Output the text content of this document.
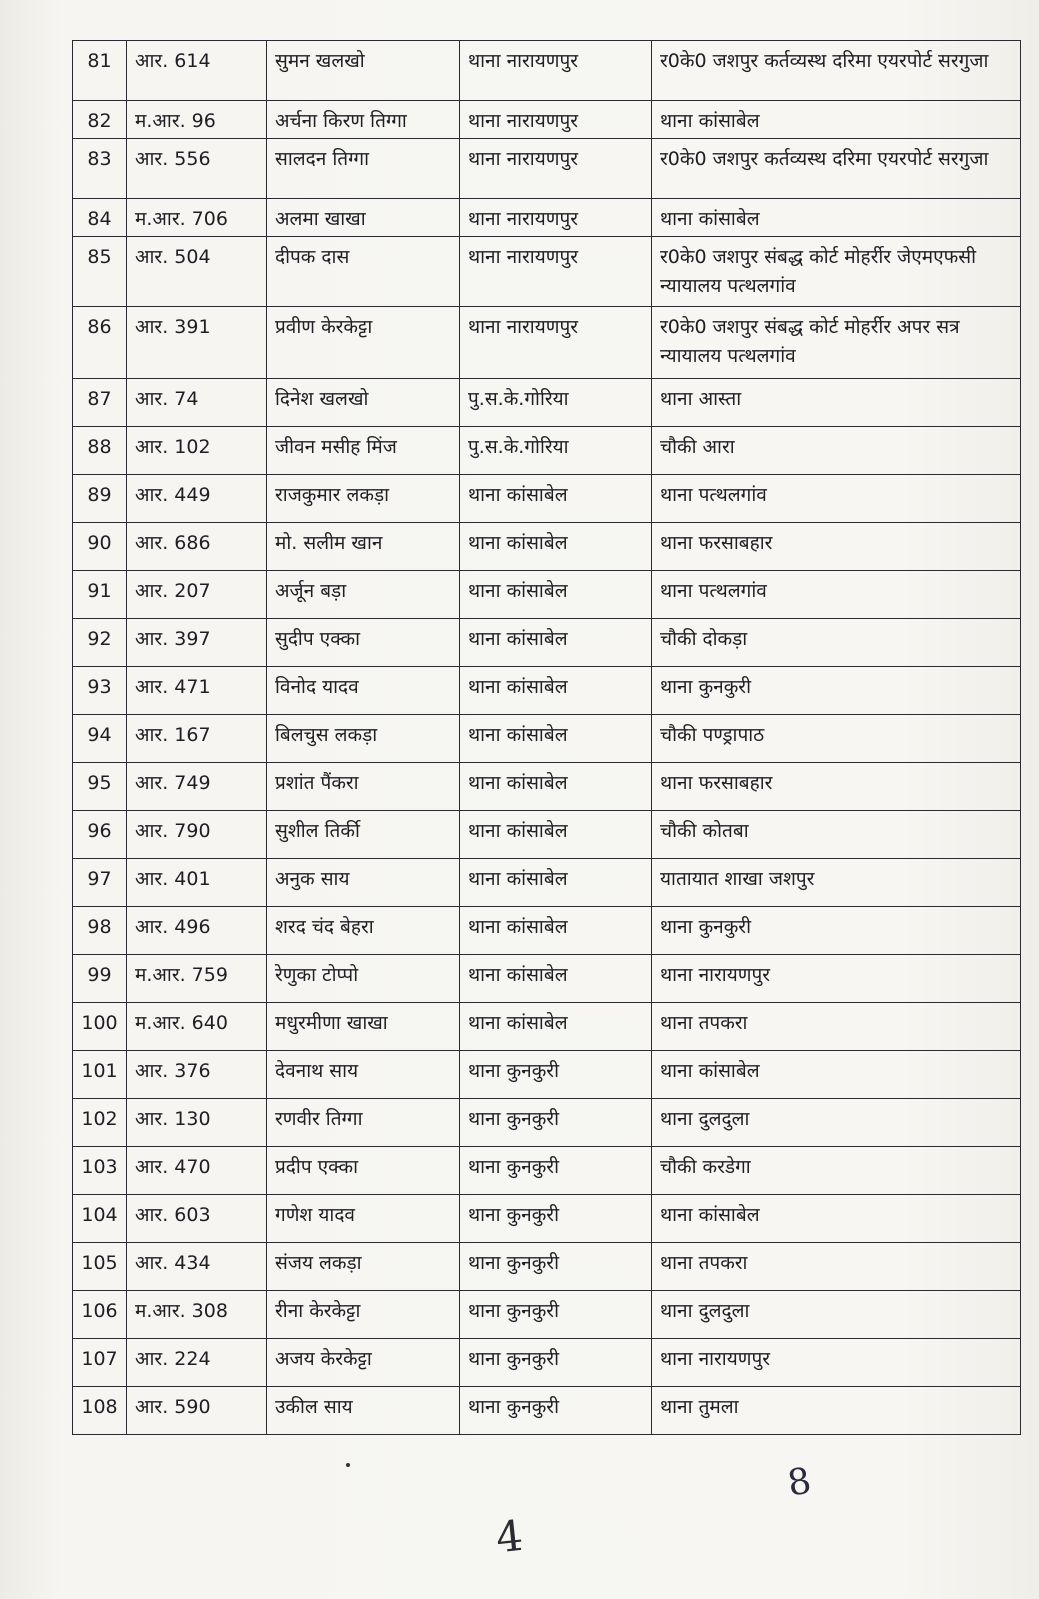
81	आर. 614	सुमन खलखो	थाना नारायणपुर	र0के0 जशपुर कर्तव्यस्थ दरिमा एयरपोर्ट सरगुजा
82	म.आर. 96	अर्चना किरण तिग्गा	थाना नारायणपुर	थाना कांसाबेल
83	आर. 556	सालदन तिग्गा	थाना नारायणपुर	र0के0 जशपुर कर्तव्यस्थ दरिमा एयरपोर्ट सरगुजा
84	म.आर. 706	अलमा खाखा	थाना नारायणपुर	थाना कांसाबेल
85	आर. 504	दीपक दास	थाना नारायणपुर	र0के0 जशपुर संबद्ध कोर्ट मोहर्रीर जेएमएफसी न्यायालय पत्थलगांव
86	आर. 391	प्रवीण केरकेट्टा	थाना नारायणपुर	र0के0 जशपुर संबद्ध कोर्ट मोहर्रीर अपर सत्र न्यायालय पत्थलगांव
87	आर. 74	दिनेश खलखो	पु.स.के.गोरिया	थाना आस्ता
88	आर. 102	जीवन मसीह मिंज	पु.स.के.गोरिया	चौकी आरा
89	आर. 449	राजकुमार लकड़ा	थाना कांसाबेल	थाना पत्थलगांव
90	आर. 686	मो. सलीम खान	थाना कांसाबेल	थाना फरसाबहार
91	आर. 207	अर्जून बड़ा	थाना कांसाबेल	थाना पत्थलगांव
92	आर. 397	सुदीप एक्का	थाना कांसाबेल	चौकी दोकड़ा
93	आर. 471	विनोद यादव	थाना कांसाबेल	थाना कुनकुरी
94	आर. 167	बिलचुस लकड़ा	थाना कांसाबेल	चौकी पण्ड्रापाठ
95	आर. 749	प्रशांत पैंकरा	थाना कांसाबेल	थाना फरसाबहार
96	आर. 790	सुशील तिर्की	थाना कांसाबेल	चौकी कोतबा
97	आर. 401	अनुक साय	थाना कांसाबेल	यातायात शाखा जशपुर
98	आर. 496	शरद चंद बेहरा	थाना कांसाबेल	थाना कुनकुरी
99	म.आर. 759	रेणुका टोप्पो	थाना कांसाबेल	थाना नारायणपुर
100	म.आर. 640	मधुरमीणा खाखा	थाना कांसाबेल	थाना तपकरा
101	आर. 376	देवनाथ साय	थाना कुनकुरी	थाना कांसाबेल
102	आर. 130	रणवीर तिग्गा	थाना कुनकुरी	थाना दुलदुला
103	आर. 470	प्रदीप एक्का	थाना कुनकुरी	चौकी करडेगा
104	आर. 603	गणेश यादव	थाना कुनकुरी	थाना कांसाबेल
105	आर. 434	संजय लकड़ा	थाना कुनकुरी	थाना तपकरा
106	म.आर. 308	रीना केरकेट्टा	थाना कुनकुरी	थाना दुलदुला
107	आर. 224	अजय केरकेट्टा	थाना कुनकुरी	थाना नारायणपुर
108	आर. 590	उकील साय	थाना कुनकुरी	थाना तुमला
8
4
